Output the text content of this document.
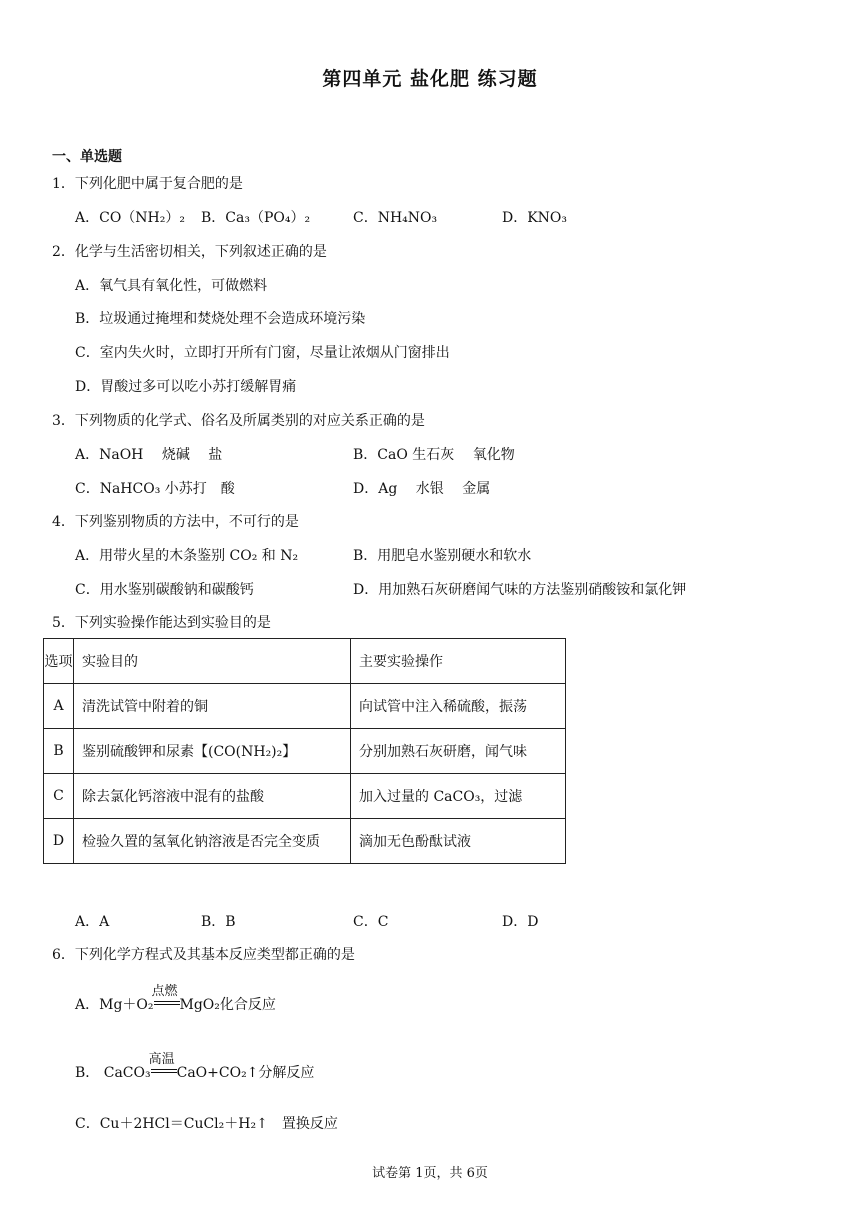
第四单元 盐化肥 练习题
一、单选题
1．下列化肥中属于复合肥的是
A．CO（NH₂）₂ B．Ca₃（PO₄）₂	C．NH₄NO₃	D．KNO₃
2．化学与生活密切相关，下列叙述正确的是
A．氧气具有氧化性，可做燃料
B．垃圾通过掩埋和焚烧处理不会造成环境污染
C．室内失火时，立即打开所有门窗，尽量让浓烟从门窗排出
D．胃酸过多可以吃小苏打缓解胃痛
3．下列物质的化学式、俗名及所属类别的对应关系正确的是
A．NaOH　 烧碱　 盐	B．CaO 生石灰　 氧化物
C．NaHCO₃ 小苏打　酸	D．Ag　 水银　 金属
4．下列鉴别物质的方法中，不可行的是
A．用带火星的木条鉴别 CO₂ 和 N₂	B．用肥皂水鉴别硬水和软水
C．用水鉴别碳酸钠和碳酸钙	D．用加熟石灰研磨闻气味的方法鉴别硝酸铵和氯化钾
5．下列实验操作能达到实验目的是
选项	实验目的	主要实验操作
A	清洗试管中附着的铜	向试管中注入稀硫酸，振荡
B	鉴别硫酸钾和尿素【(CO(NH₂)₂】	分别加熟石灰研磨，闻气味
C	除去氯化钙溶液中混有的盐酸	加入过量的 CaCO₃，过滤
D	检验久置的氢氧化钠溶液是否完全变质	滴加无色酚酞试液
A．A	B．B	C．C	D．D
6．下列化学方程式及其基本反应类型都正确的是
A．Mg＋O₂
点燃
MgO₂化合反应
B． CaCO₃
高温
CaO+CO₂↑分解反应
C．Cu＋2HCl＝CuCl₂＋H₂↑　置换反应
试卷第 1页，共 6页
